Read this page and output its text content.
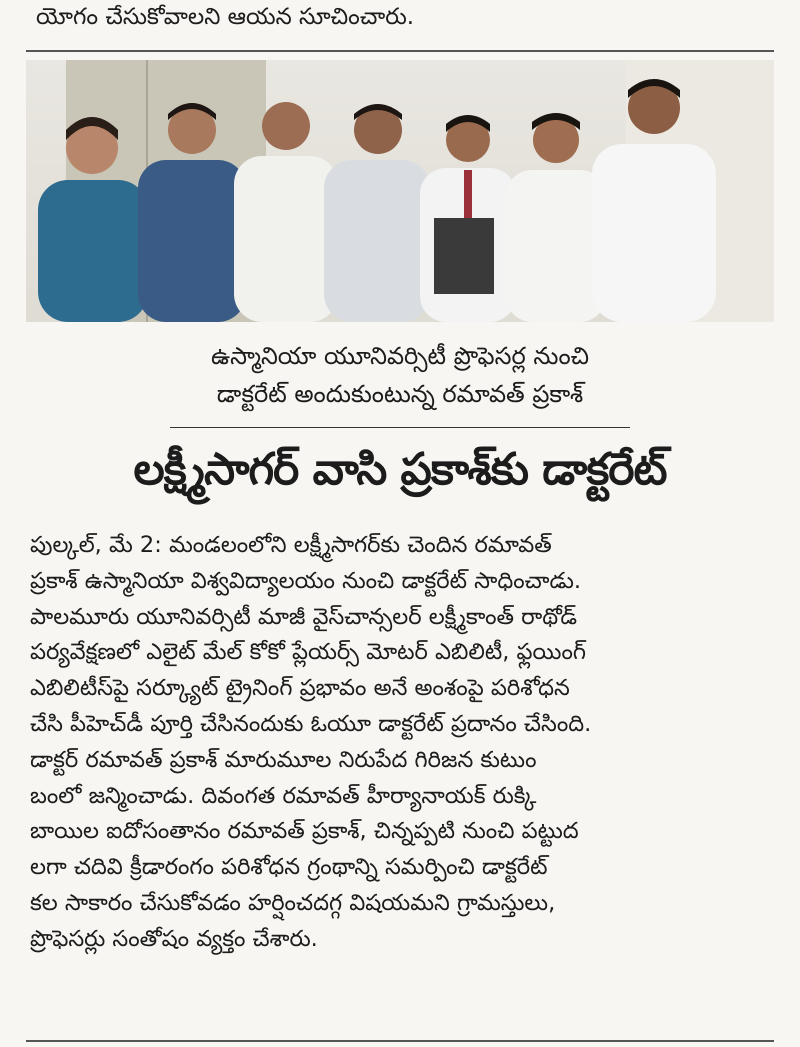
యోగం చేసుకోవాలని ఆయన సూచించారు.
ఉస్మానియా యూనివర్సిటీ ప్రొఫెసర్ల నుంచి
డాక్టరేట్ అందుకుంటున్న రమావత్ ప్రకాశ్
లక్ష్మీసాగర్ వాసి ప్రకాశ్‌కు డాక్టరేట్
పుల్కల్, మే 2: మండలంలోని లక్ష్మీసాగర్‌కు చెందిన రమావత్
ప్రకాశ్ ఉస్మానియా విశ్వవిద్యాలయం నుంచి డాక్టరేట్ సాధించాడు.
పాలమూరు యూనివర్సిటీ మాజీ వైస్‌చాన్సలర్ లక్ష్మీకాంత్ రాథోడ్
పర్యవేక్షణలో ఎలైట్ మేల్ కోకో ప్లేయర్స్ మోటర్ ఎబిలిటీ, ఫ్లయింగ్
ఎబిలిటీస్‌పై సర్క్యూట్ ట్రైనింగ్ ప్రభావం అనే అంశంపై పరిశోధన
చేసి పీహెచ్‌డీ పూర్తి చేసినందుకు ఓయూ డాక్టరేట్ ప్రదానం చేసింది.
డాక్టర్ రమావత్ ప్రకాశ్ మారుమూల నిరుపేద గిరిజన కుటుం
బంలో జన్మించాడు. దివంగత రమావత్ హీర్యానాయక్ రుక్కి
బాయిల ఐదోసంతానం రమావత్ ప్రకాశ్, చిన్నప్పటి నుంచి పట్టుద
లగా చదివి క్రీడారంగం పరిశోధన గ్రంథాన్ని సమర్పించి డాక్టరేట్
కల సాకారం చేసుకోవడం హర్షించదగ్గ విషయమని గ్రామస్తులు,
ప్రొఫెసర్లు సంతోషం వ్యక్తం చేశారు.
